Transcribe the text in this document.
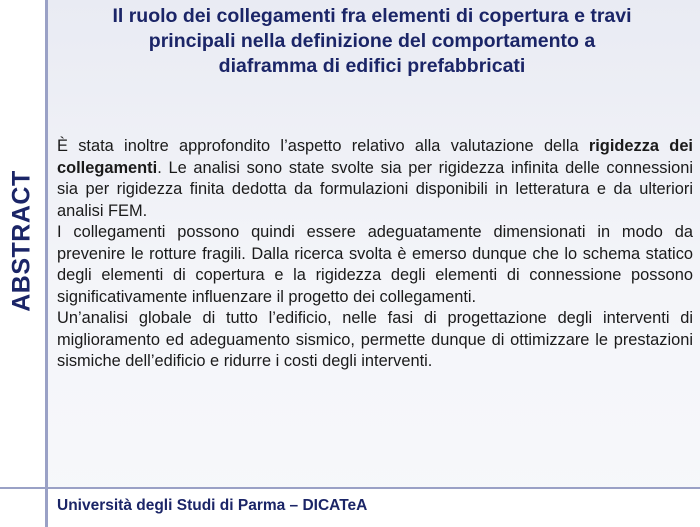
ABSTRACT
Il ruolo dei collegamenti fra elementi di copertura e travi
principali nella definizione del comportamento a
diaframma di edifici prefabbricati

È stata inoltre approfondito l’aspetto relativo alla valutazione della rigidezza dei collegamenti. Le analisi sono state svolte sia per rigidezza infinita delle connessioni sia per rigidezza finita dedotta da formulazioni disponibili in letteratura e da ulteriori analisi FEM.

I collegamenti possono quindi essere adeguatamente dimensionati in modo da prevenire le rotture fragili. Dalla ricerca svolta è emerso dunque che lo schema statico degli elementi di copertura e la rigidezza degli elementi di connessione possono significativamente influenzare il progetto dei collegamenti.

Un’analisi globale di tutto l’edificio, nelle fasi di progettazione degli interventi di miglioramento ed adeguamento sismico, permette dunque di ottimizzare le prestazioni sismiche dell’edificio e ridurre i costi degli interventi.

Università degli Studi di Parma – DICATeA
